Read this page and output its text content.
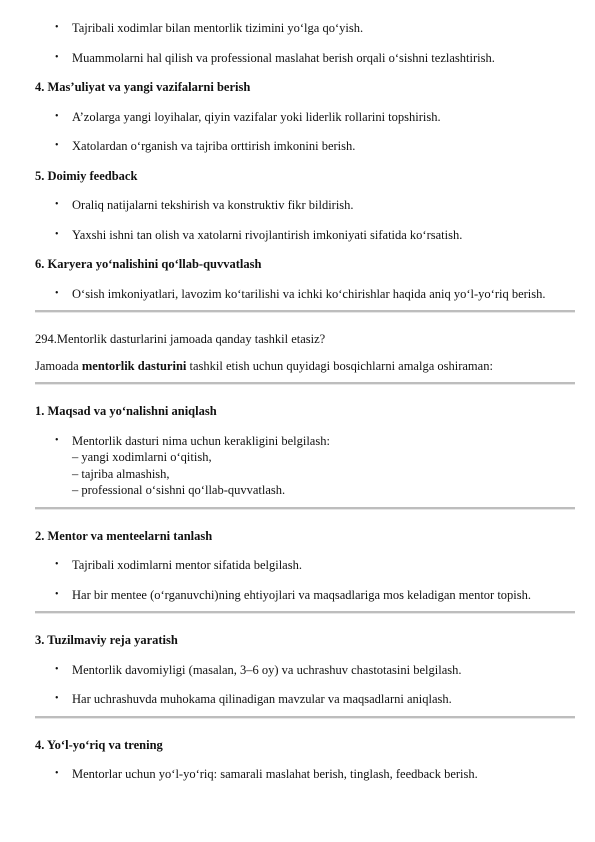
• Tajribali xodimlar bilan mentorlik tizimini yo‘lga qo‘yish.
• Muammolarni hal qilish va professional maslahat berish orqali o‘sishni tezlashtirish.
4. Mas’uliyat va yangi vazifalarni berish
• A’zolarga yangi loyihalar, qiyin vazifalar yoki liderlik rollarini topshirish.
• Xatolardan o‘rganish va tajriba orttirish imkonini berish.
5. Doimiy feedback
• Oraliq natijalarni tekshirish va konstruktiv fikr bildirish.
• Yaxshi ishni tan olish va xatolarni rivojlantirish imkoniyati sifatida ko‘rsatish.
6. Karyera yo‘nalishini qo‘llab-quvvatlash
• O‘sish imkoniyatlari, lavozim ko‘tarilishi va ichki ko‘chirishlar haqida aniq yo‘l-yo‘riq berish.
294.Mentorlik dasturlarini jamoada qanday tashkil etasiz?
Jamoada mentorlik dasturini tashkil etish uchun quyidagi bosqichlarni amalga oshiraman:
1. Maqsad va yo‘nalishni aniqlash
• Mentorlik dasturi nima uchun kerakligini belgilash:
– yangi xodimlarni o‘qitish,
– tajriba almashish,
– professional o‘sishni qo‘llab-quvvatlash.
2. Mentor va menteelarni tanlash
• Tajribali xodimlarni mentor sifatida belgilash.
• Har bir mentee (o‘rganuvchi)ning ehtiyojlari va maqsadlariga mos keladigan mentor topish.
3. Tuzilmaviy reja yaratish
• Mentorlik davomiyligi (masalan, 3–6 oy) va uchrashuv chastotasini belgilash.
• Har uchrashuvda muhokama qilinadigan mavzular va maqsadlarni aniqlash.
4. Yo‘l-yo‘riq va trening
• Mentorlar uchun yo‘l-yo‘riq: samarali maslahat berish, tinglash, feedback berish.
